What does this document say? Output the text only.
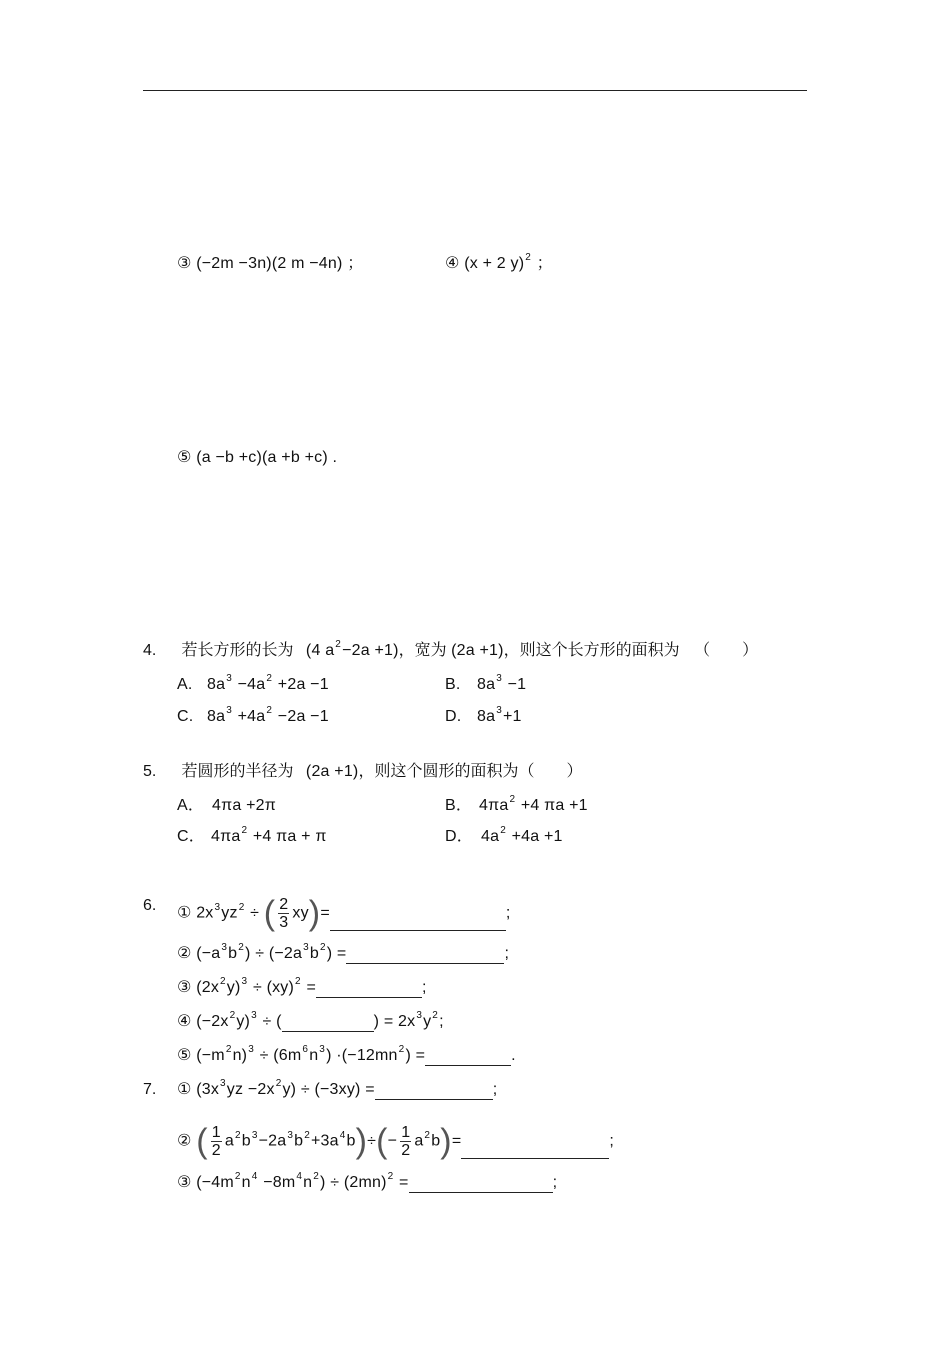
③ (−2m −3n)(2 m −4n) ；	④ (x + 2 y)$^2$ ；
⑤ (a −b +c)(a +b +c) .
4. 若长方形的长为 (4 $a^2-2a +1$)，宽为 (2a +1)，则这个长方形的面积为 （　　）
A. $8a^3 -4a^2 +2a -1$	B. $8a^3 -1$
C. $8a^3 +4a^2 -2a -1$	D. $8a^3+1$
5. 若圆形的半径为 (2a +1)，则这个圆形的面积为（　　）
A． 4πa +2π	B． $4\pi a^2 +4$ πa +1
C． $4\pi a^2 +4$ πa + π	D． $4a^2 +4a +1$
6. ① $2x^3yz^2$ ÷ ( $\frac{2}{3} xy)=$	;
② $(-a^3b^2) \div (-2a^3b^2)$ =	;
③ $(2x^2y)^3 \div (xy)^2$ =	;
④ $(-2x^2y)^3$ ÷ (	) = $2x^3y^2$;
⑤ $(-m^2n)^3 \div (6m^6n^3) \cdot(-12mn^2)$ =	.
7. ① $(3x^3yz -2x^2y) \div (-3xy)$ =	;
② ( $\frac{1}{2} a^2b^3-2a^3b^2+3a^4b)\div(- \frac{1}{2} a^2b)=$	;
③ $(-4m^2n^4 -8m^4n^2) \div (2mn)^2$ =	;
